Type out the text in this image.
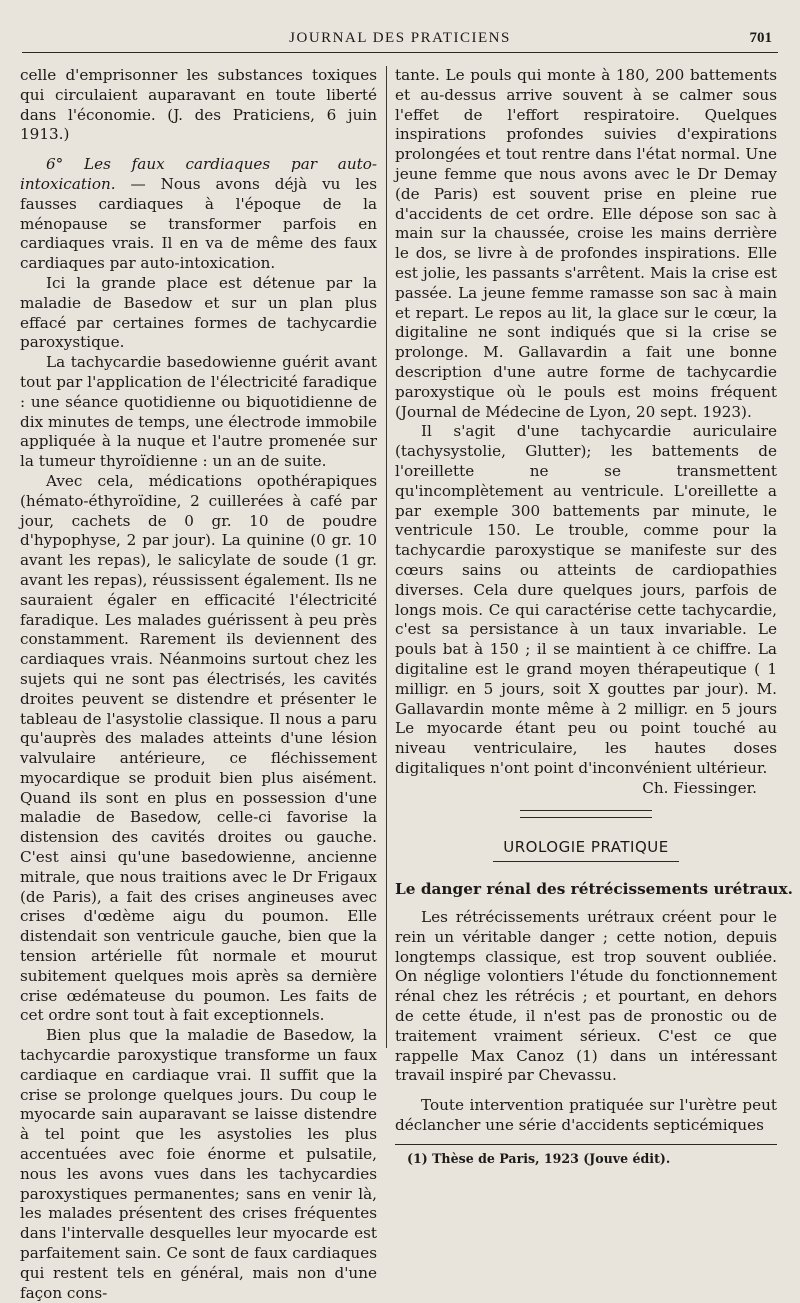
JOURNAL DES PRATICIENS	701

celle d'emprisonner les substances toxiques qui circulaient auparavant en toute liberté dans l'économie. (J. des Praticiens, 6 juin 1913.)

6° Les faux cardiaques par auto-intoxication. — Nous avons déjà vu les fausses cardiaques à l'époque de la ménopause se transformer parfois en cardiaques vrais. Il en va de même des faux cardiaques par auto-intoxication.

Ici la grande place est détenue par la maladie de Basedow et sur un plan plus effacé par certaines formes de tachycardie paroxystique.

La tachycardie basedowienne guérit avant tout par l'application de l'électricité faradique : une séance quotidienne ou biquotidienne de dix minutes de temps, une électrode immobile appliquée à la nuque et l'autre promenée sur la tumeur thyroïdienne : un an de suite.

Avec cela, médications opothérapiques (hémato-éthyroïdine, 2 cuillerées à café par jour, cachets de 0 gr. 10 de poudre d'hypophyse, 2 par jour). La quinine (0 gr. 10 avant les repas), le salicylate de soude (1 gr. avant les repas), réussissent également. Ils ne sauraient égaler en efficacité l'électricité faradique. Les malades guérissent à peu près constamment. Rarement ils deviennent des cardiaques vrais. Néanmoins surtout chez les sujets qui ne sont pas électrisés, les cavités droites peuvent se distendre et présenter le tableau de l'asystolie classique. Il nous a paru qu'auprès des malades atteints d'une lésion valvulaire antérieure, ce fléchissement myocardique se produit bien plus aisément. Quand ils sont en plus en possession d'une maladie de Basedow, celle-ci favorise la distension des cavités droites ou gauche. C'est ainsi qu'une basedowienne, ancienne mitrale, que nous traitions avec le Dr Frigaux (de Paris), a fait des crises angineuses avec crises d'œdème aigu du poumon. Elle distendait son ventricule gauche, bien que la tension artérielle fût normale et mourut subitement quelques mois après sa dernière crise œdémateuse du poumon. Les faits de cet ordre sont tout à fait exceptionnels.

Bien plus que la maladie de Basedow, la tachycardie paroxystique transforme un faux cardiaque en cardiaque vrai. Il suffit que la crise se prolonge quelques jours. Du coup le myocarde sain auparavant se laisse distendre à tel point que les asystolies les plus accentuées avec foie énorme et pulsatile, nous les avons vues dans les tachycardies paroxystiques permanentes; sans en venir là, les malades présentent des crises fréquentes dans l'intervalle desquelles leur myocarde est parfaitement sain. Ce sont de faux cardiaques qui restent tels en général, mais non d'une façon cons-

tante. Le pouls qui monte à 180, 200 battements et au-dessus arrive souvent à se calmer sous l'effet de l'effort respiratoire. Quelques inspirations profondes suivies d'expirations prolongées et tout rentre dans l'état normal. Une jeune femme que nous avons avec le Dr Demay (de Paris) est souvent prise en pleine rue d'accidents de cet ordre. Elle dépose son sac à main sur la chaussée, croise les mains derrière le dos, se livre à de profondes inspirations. Elle est jolie, les passants s'arrêtent. Mais la crise est passée. La jeune femme ramasse son sac à main et repart. Le repos au lit, la glace sur le cœur, la digitaline ne sont indiqués que si la crise se prolonge. M. Gallavardin a fait une bonne description d'une autre forme de tachycardie paroxystique où le pouls est moins fréquent (Journal de Médecine de Lyon, 20 sept. 1923).

Il s'agit d'une tachycardie auriculaire (tachysystolie, Glutter); les battements de l'oreillette ne se transmettent qu'incomplètement au ventricule. L'oreillette a par exemple 300 battements par minute, le ventricule 150. Le trouble, comme pour la tachycardie paroxystique se manifeste sur des cœurs sains ou atteints de cardiopathies diverses. Cela dure quelques jours, parfois de longs mois. Ce qui caractérise cette tachycardie, c'est sa persistance à un taux invariable. Le pouls bat à 150 ; il se maintient à ce chiffre. La digitaline est le grand moyen thérapeutique ( 1 milligr. en 5 jours, soit X gouttes par jour). M. Gallavardin monte même à 2 milligr. en 5 jours Le myocarde étant peu ou point touché au niveau ventriculaire, les hautes doses digitaliques n'ont point d'inconvénient ultérieur.

Ch. Fiessinger.

UROLOGIE PRATIQUE
Le danger rénal des rétrécissements urétraux.

Les rétrécissements urétraux créent pour le rein un véritable danger ; cette notion, depuis longtemps classique, est trop souvent oubliée. On néglige volontiers l'étude du fonctionnement rénal chez les rétrécis ; et pourtant, en dehors de cette étude, il n'est pas de pronostic ou de traitement vraiment sérieux. C'est ce que rappelle Max Canoz (1) dans un intéressant travail inspiré par Chevassu.

Toute intervention pratiquée sur l'urètre peut déclancher une série d'accidents septicémiques

(1) Thèse de Paris, 1923 (Jouve édit).
